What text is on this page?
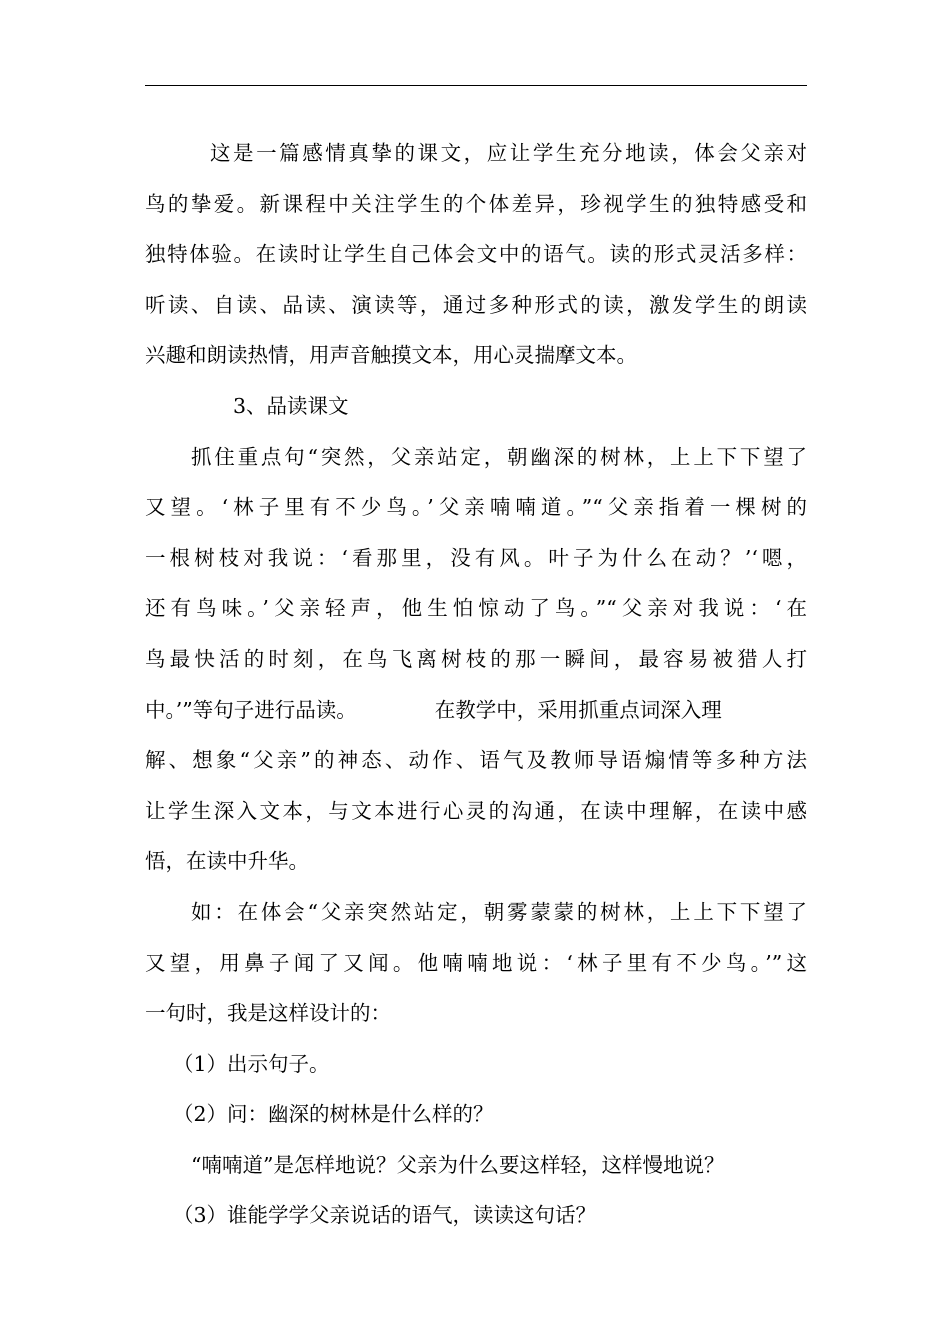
这是一篇感情真挚的课文，应让学生充分地读，体会父亲对
鸟的挚爱。新课程中关注学生的个体差异，珍视学生的独特感受和
独特体验。在读时让学生自己体会文中的语气。读的形式灵活多样：
听读、自读、品读、演读等，通过多种形式的读，激发学生的朗读
兴趣和朗读热情，用声音触摸文本，用心灵揣摩文本。
3、品读课文
抓住重点句“突然，父亲站定，朝幽深的树林，上上下下望了
又望。‘林子里有不少鸟。’父亲喃喃道。”“父亲指着一棵树的
一根树枝对我说：‘看那里，没有风。叶子为什么在动？’‘嗯，
还有鸟味。’父亲轻声，他生怕惊动了鸟。”“父亲对我说：‘在
鸟最快活的时刻，在鸟飞离树枝的那一瞬间，最容易被猎人打
中。’”等句子进行品读。	在教学中，采用抓重点词深入理
解、想象“父亲”的神态、动作、语气及教师导语煽情等多种方法
让学生深入文本，与文本进行心灵的沟通，在读中理解，在读中感
悟，在读中升华。
如：在体会“父亲突然站定，朝雾蒙蒙的树林，上上下下望了
又望，用鼻子闻了又闻。他喃喃地说：‘林子里有不少鸟。’”这
一句时，我是这样设计的：
（1）出示句子。
（2）问：幽深的树林是什么样的？
“喃喃道”是怎样地说？父亲为什么要这样轻，这样慢地说？
（3）谁能学学父亲说话的语气，读读这句话？
